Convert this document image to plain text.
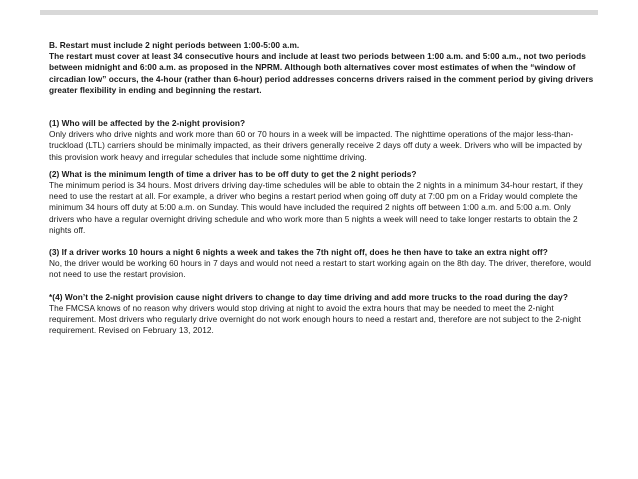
B. Restart must include 2 night periods between 1:00-5:00 a.m.
The restart must cover at least 34 consecutive hours and include at least two periods between 1:00 a.m. and 5:00 a.m., not two periods between midnight and 6:00 a.m. as proposed in the NPRM. Although both alternatives cover most estimates of when the “window of circadian low” occurs, the 4-hour (rather than 6-hour) period addresses concerns drivers raised in the comment period by giving drivers greater flexibility in ending and beginning the restart.
(1) Who will be affected by the 2-night provision?
Only drivers who drive nights and work more than 60 or 70 hours in a week will be impacted. The nighttime operations of the major less-than-truckload (LTL) carriers should be minimally impacted, as their drivers generally receive 2 days off duty a week. Drivers who will be impacted by this provision work heavy and irregular schedules that include some nighttime driving.
(2) What is the minimum length of time a driver has to be off duty to get the 2 night periods?
The minimum period is 34 hours. Most drivers driving day-time schedules will be able to obtain the 2 nights in a minimum 34-hour restart, if they need to use the restart at all. For example, a driver who begins a restart period when going off duty at 7:00 pm on a Friday would complete the minimum 34 hours off duty at 5:00 a.m. on Sunday. This would have included the required 2 nights off between 1:00 a.m. and 5:00 a.m. Only drivers who have a regular overnight driving schedule and who work more than 5 nights a week will need to take longer restarts to obtain the 2 nights off.
(3) If a driver works 10 hours a night 6 nights a week and takes the 7th night off, does he then have to take an extra night off?
No, the driver would be working 60 hours in 7 days and would not need a restart to start working again on the 8th day. The driver, therefore, would not need to use the restart provision.
*(4) Won’t the 2-night provision cause night drivers to change to day time driving and add more trucks to the road during the day?
The FMCSA knows of no reason why drivers would stop driving at night to avoid the extra hours that may be needed to meet the 2-night requirement. Most drivers who regularly drive overnight do not work enough hours to need a restart and, therefore are not subject to the 2-night requirement. Revised on February 13, 2012.
